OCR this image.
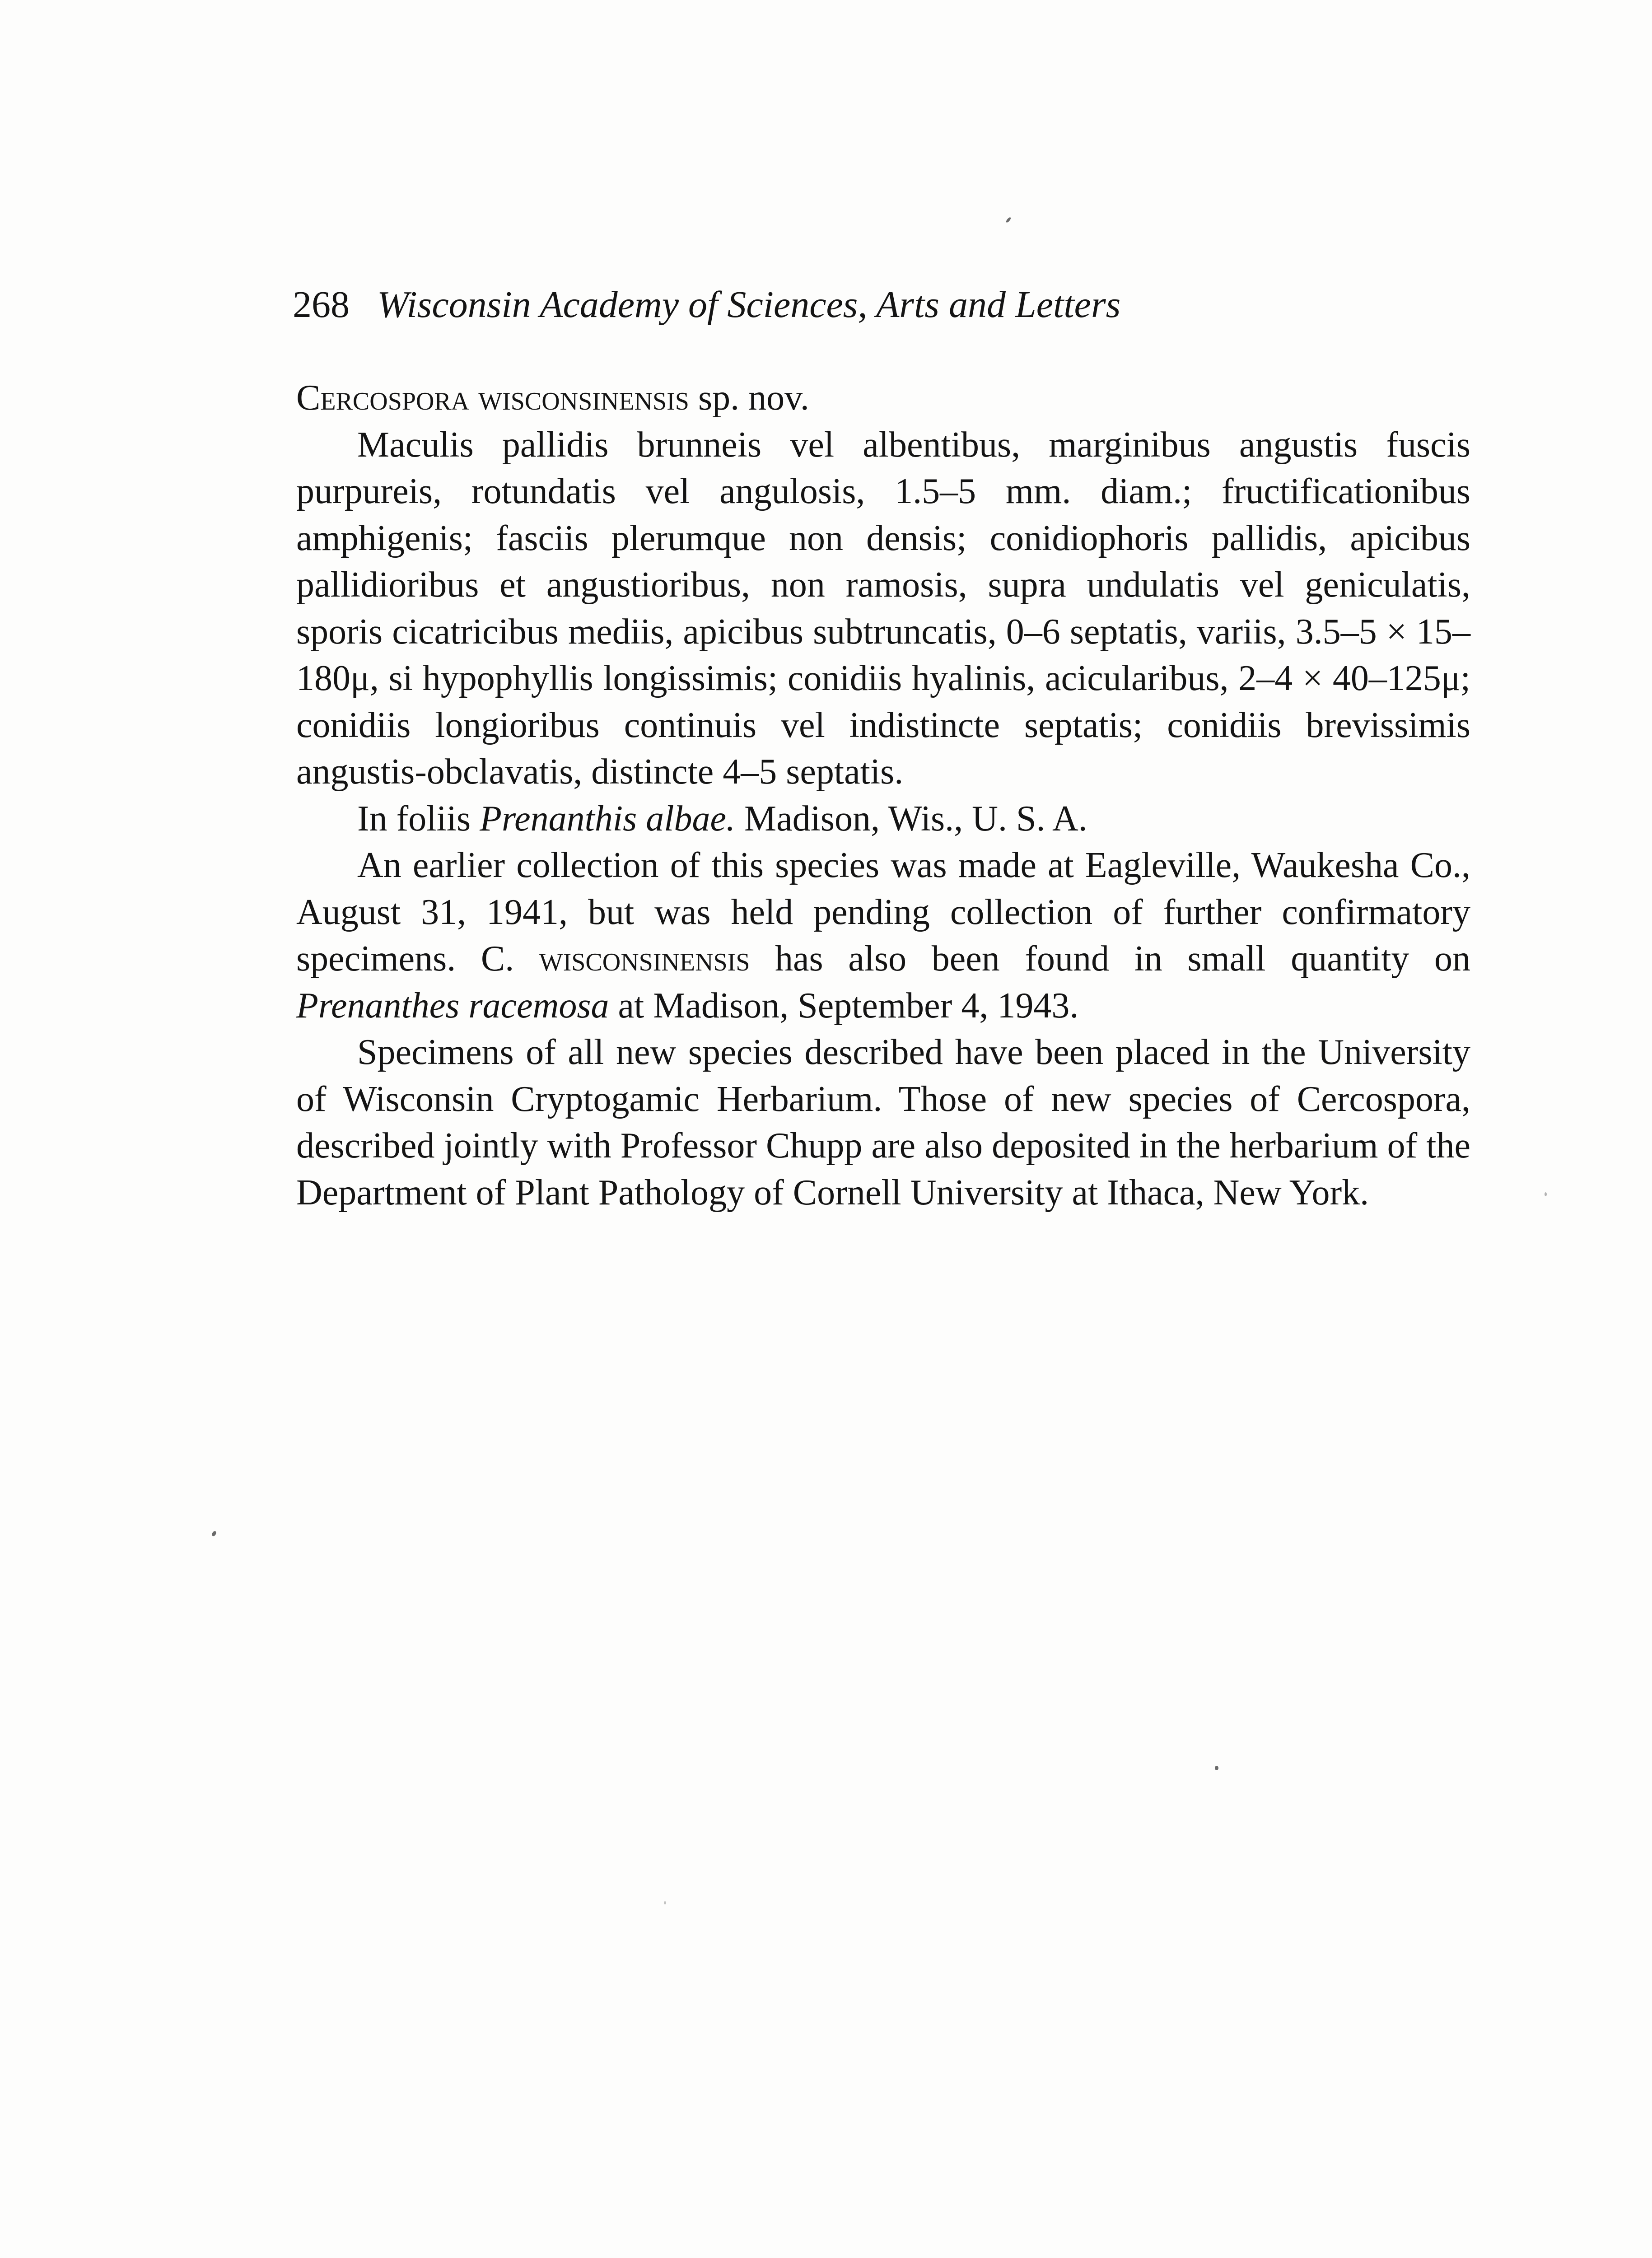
268 Wisconsin Academy of Sciences, Arts and Letters

Cercospora wisconsinensis sp. nov.

Maculis pallidis brunneis vel albentibus, marginibus angustis fuscis purpureis, rotundatis vel angulosis, 1.5–5 mm. diam.; fructificationibus amphigenis; fasciis plerumque non densis; conidiophoris pallidis, apicibus pallidioribus et angustioribus, non ramosis, supra undulatis vel geniculatis, sporis cicatricibus mediis, apicibus subtruncatis, 0–6 septatis, variis, 3.5–5 × 15–180μ, si hypophyllis longissimis; conidiis hyalinis, acicularibus, 2–4 × 40–125μ; conidiis longioribus continuis vel indistincte septatis; conidiis brevissimis angustis-obclavatis, distincte 4–5 septatis.

In foliis Prenanthis albae. Madison, Wis., U. S. A.

An earlier collection of this species was made at Eagleville, Waukesha Co., August 31, 1941, but was held pending collection of further confirmatory specimens. C. wisconsinensis has also been found in small quantity on Prenanthes racemosa at Madison, September 4, 1943.

Specimens of all new species described have been placed in the University of Wisconsin Cryptogamic Herbarium. Those of new species of Cercospora, described jointly with Professor Chupp are also deposited in the herbarium of the Department of Plant Pathology of Cornell University at Ithaca, New York.
